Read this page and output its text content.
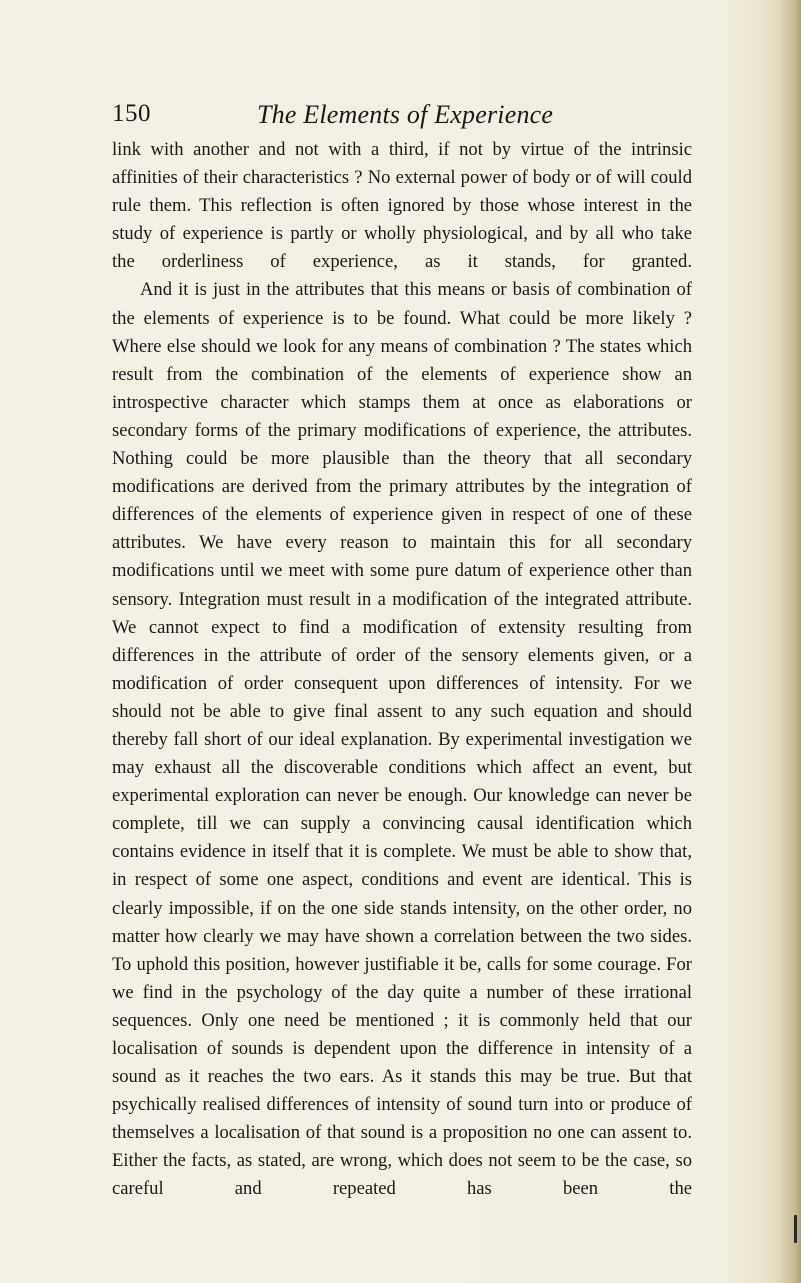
150	The Elements of Experience

link with another and not with a third, if not by virtue of the intrinsic affinities of their characteristics ? No external power of body or of will could rule them. This reflection is often ignored by those whose interest in the study of experience is partly or wholly physiological, and by all who take the orderliness of experience, as it stands, for granted.

And it is just in the attributes that this means or basis of combination of the elements of experience is to be found. What could be more likely ? Where else should we look for any means of combination ? The states which result from the combination of the elements of experience show an introspective character which stamps them at once as elaborations or secondary forms of the primary modifications of experience, the attributes. Nothing could be more plausible than the theory that all secondary modifications are derived from the primary attributes by the integration of differences of the elements of experience given in respect of one of these attributes. We have every reason to maintain this for all secondary modifications until we meet with some pure datum of experience other than sensory. Integration must result in a modification of the integrated attribute. We cannot expect to find a modification of extensity resulting from differences in the attribute of order of the sensory elements given, or a modification of order consequent upon differences of intensity. For we should not be able to give final assent to any such equation and should thereby fall short of our ideal explanation. By experimental investigation we may exhaust all the discoverable conditions which affect an event, but experimental exploration can never be enough. Our knowledge can never be complete, till we can supply a convincing causal identification which contains evidence in itself that it is complete. We must be able to show that, in respect of some one aspect, conditions and event are identical. This is clearly impossible, if on the one side stands intensity, on the other order, no matter how clearly we may have shown a correlation between the two sides. To uphold this position, however justifiable it be, calls for some courage. For we find in the psychology of the day quite a number of these irrational sequences. Only one need be mentioned ; it is commonly held that our localisation of sounds is dependent upon the difference in intensity of a sound as it reaches the two ears. As it stands this may be true. But that psychically realised differences of intensity of sound turn into or produce of themselves a localisation of that sound is a proposition no one can assent to. Either the facts, as stated, are wrong, which does not seem to be the case, so careful and repeated has been the
